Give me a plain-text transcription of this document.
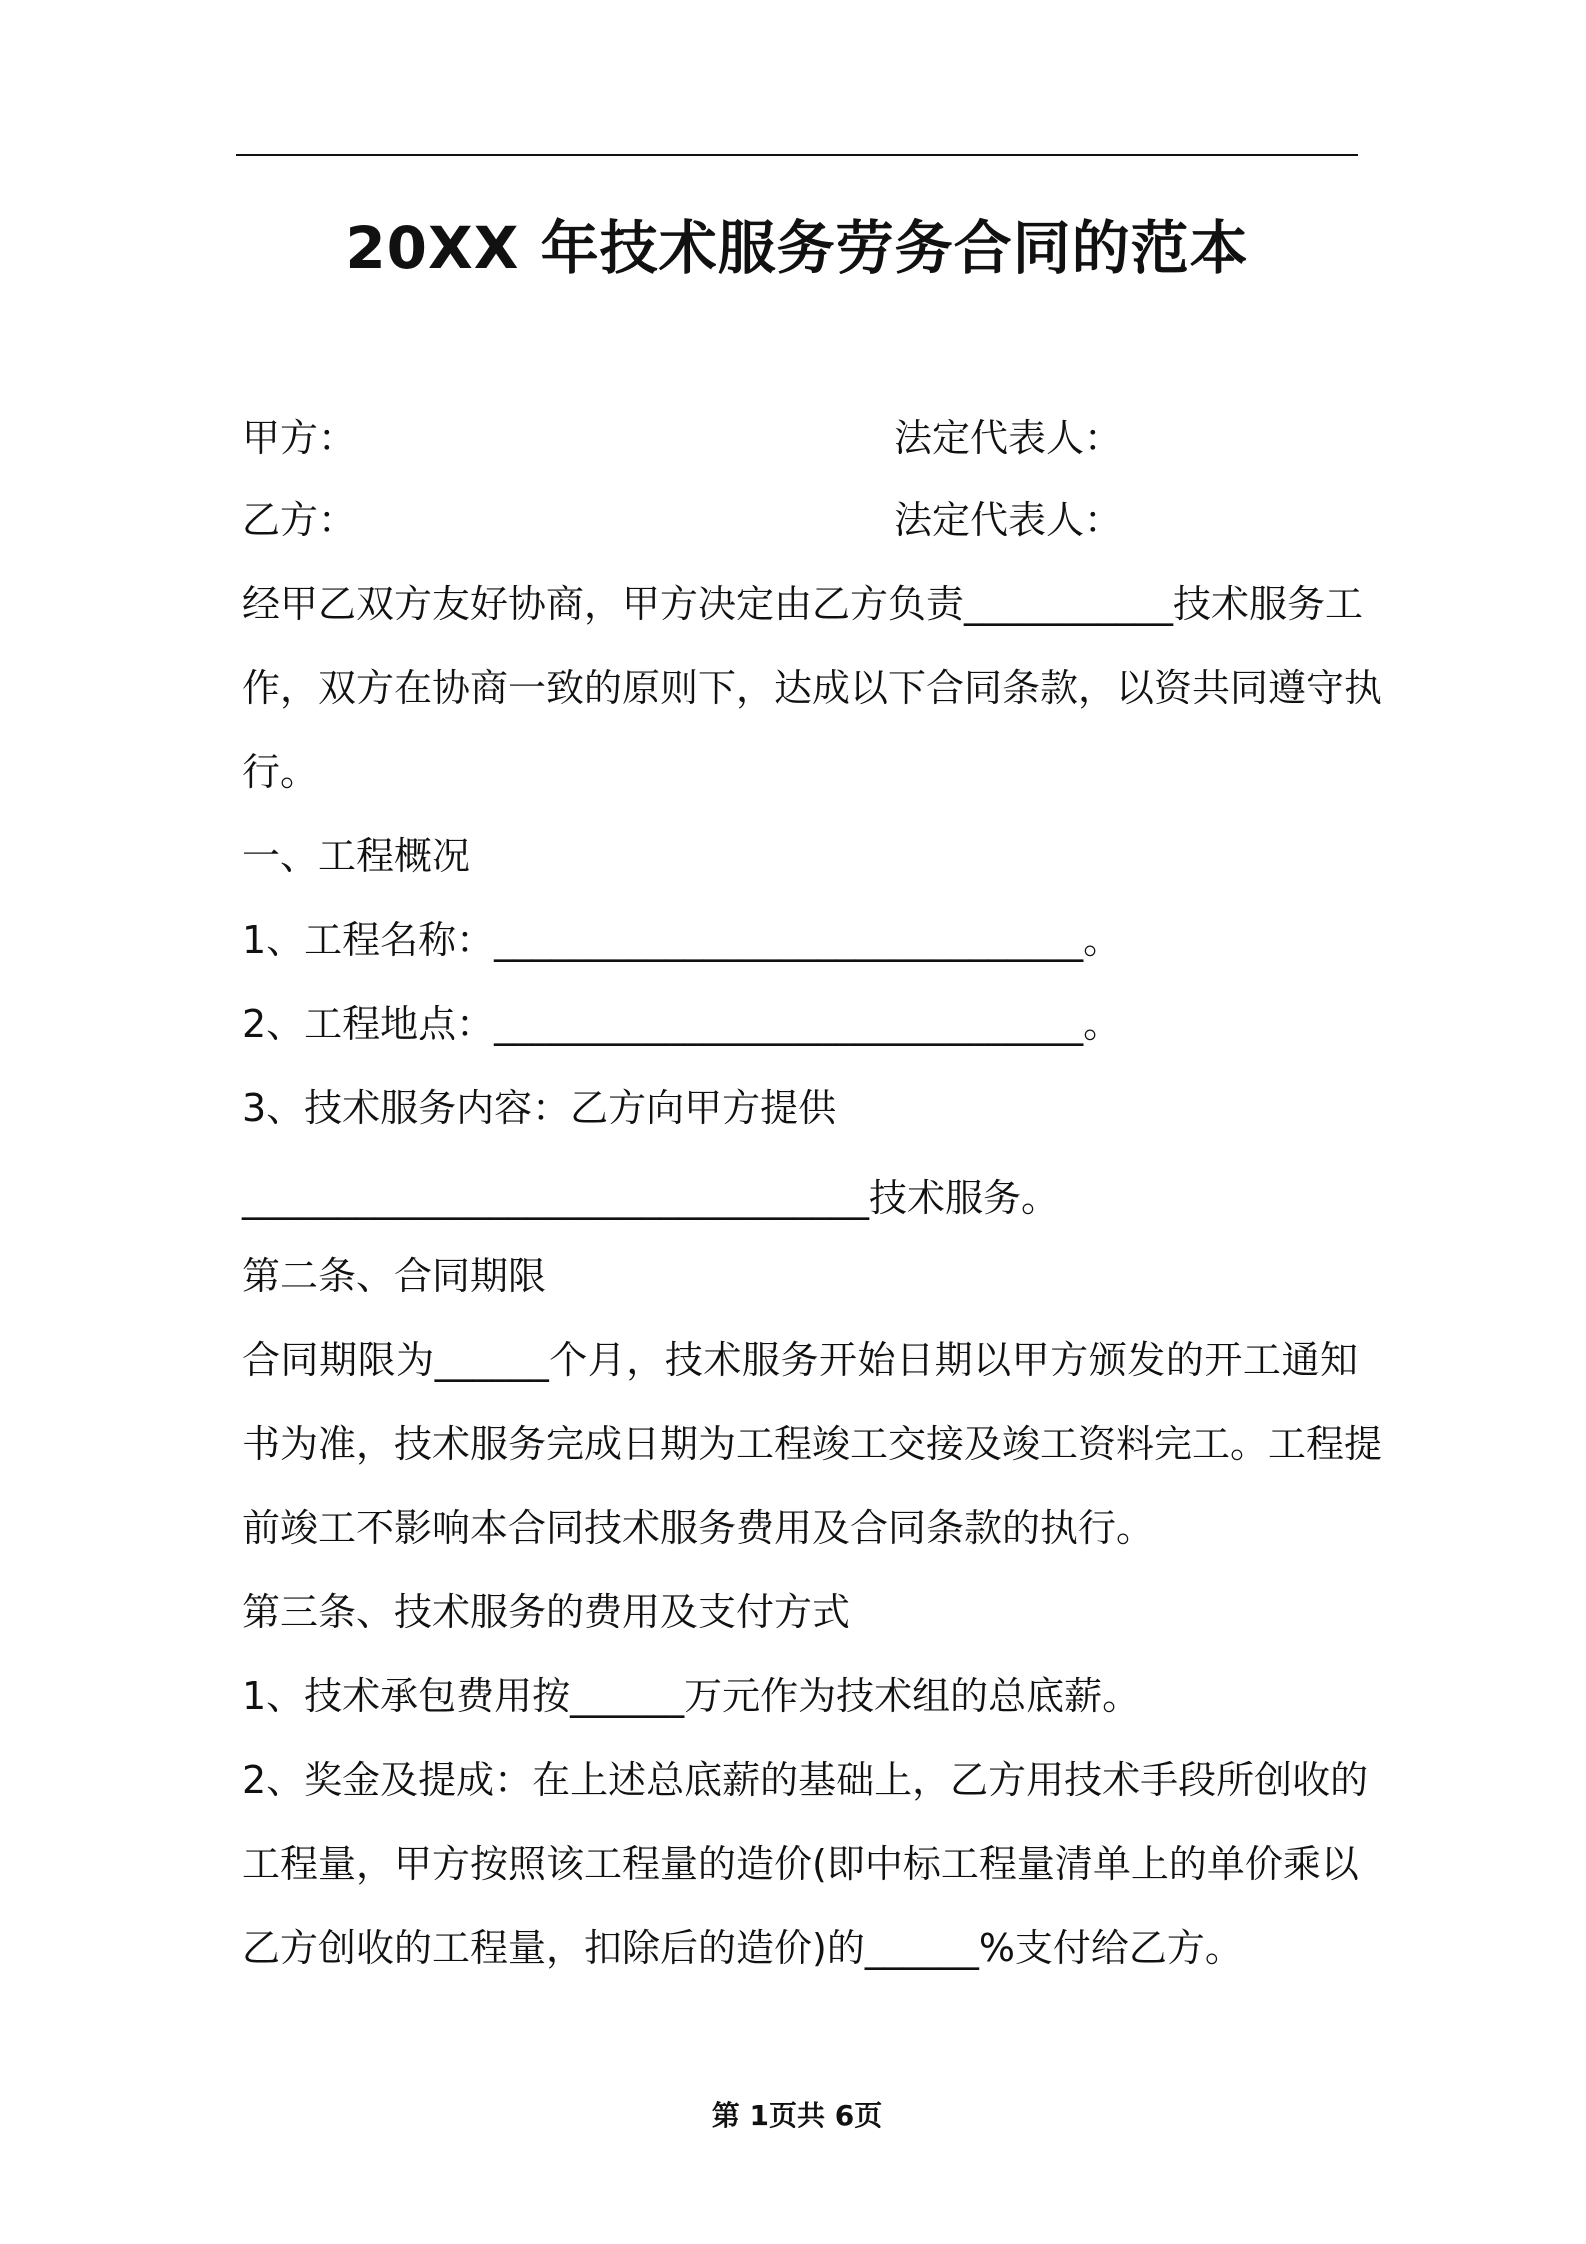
20XX 年技术服务劳务合同的范本
甲方：	法定代表人：
乙方：	法定代表人：
经甲乙双方友好协商，甲方决定由乙方负责___________技术服务工
作，双方在协商一致的原则下，达成以下合同条款，以资共同遵守执
行。
一、工程概况
1、工程名称：_______________________________。
2、工程地点：_______________________________。
3、技术服务内容：乙方向甲方提供
_________________________________技术服务。
第二条、合同期限
合同期限为______个月，技术服务开始日期以甲方颁发的开工通知
书为准，技术服务完成日期为工程竣工交接及竣工资料完工。工程提
前竣工不影响本合同技术服务费用及合同条款的执行。
第三条、技术服务的费用及支付方式
1、技术承包费用按______万元作为技术组的总底薪。
2、奖金及提成：在上述总底薪的基础上，乙方用技术手段所创收的
工程量，甲方按照该工程量的造价(即中标工程量清单上的单价乘以
乙方创收的工程量，扣除后的造价)的______%支付给乙方。
第 1页共 6页
